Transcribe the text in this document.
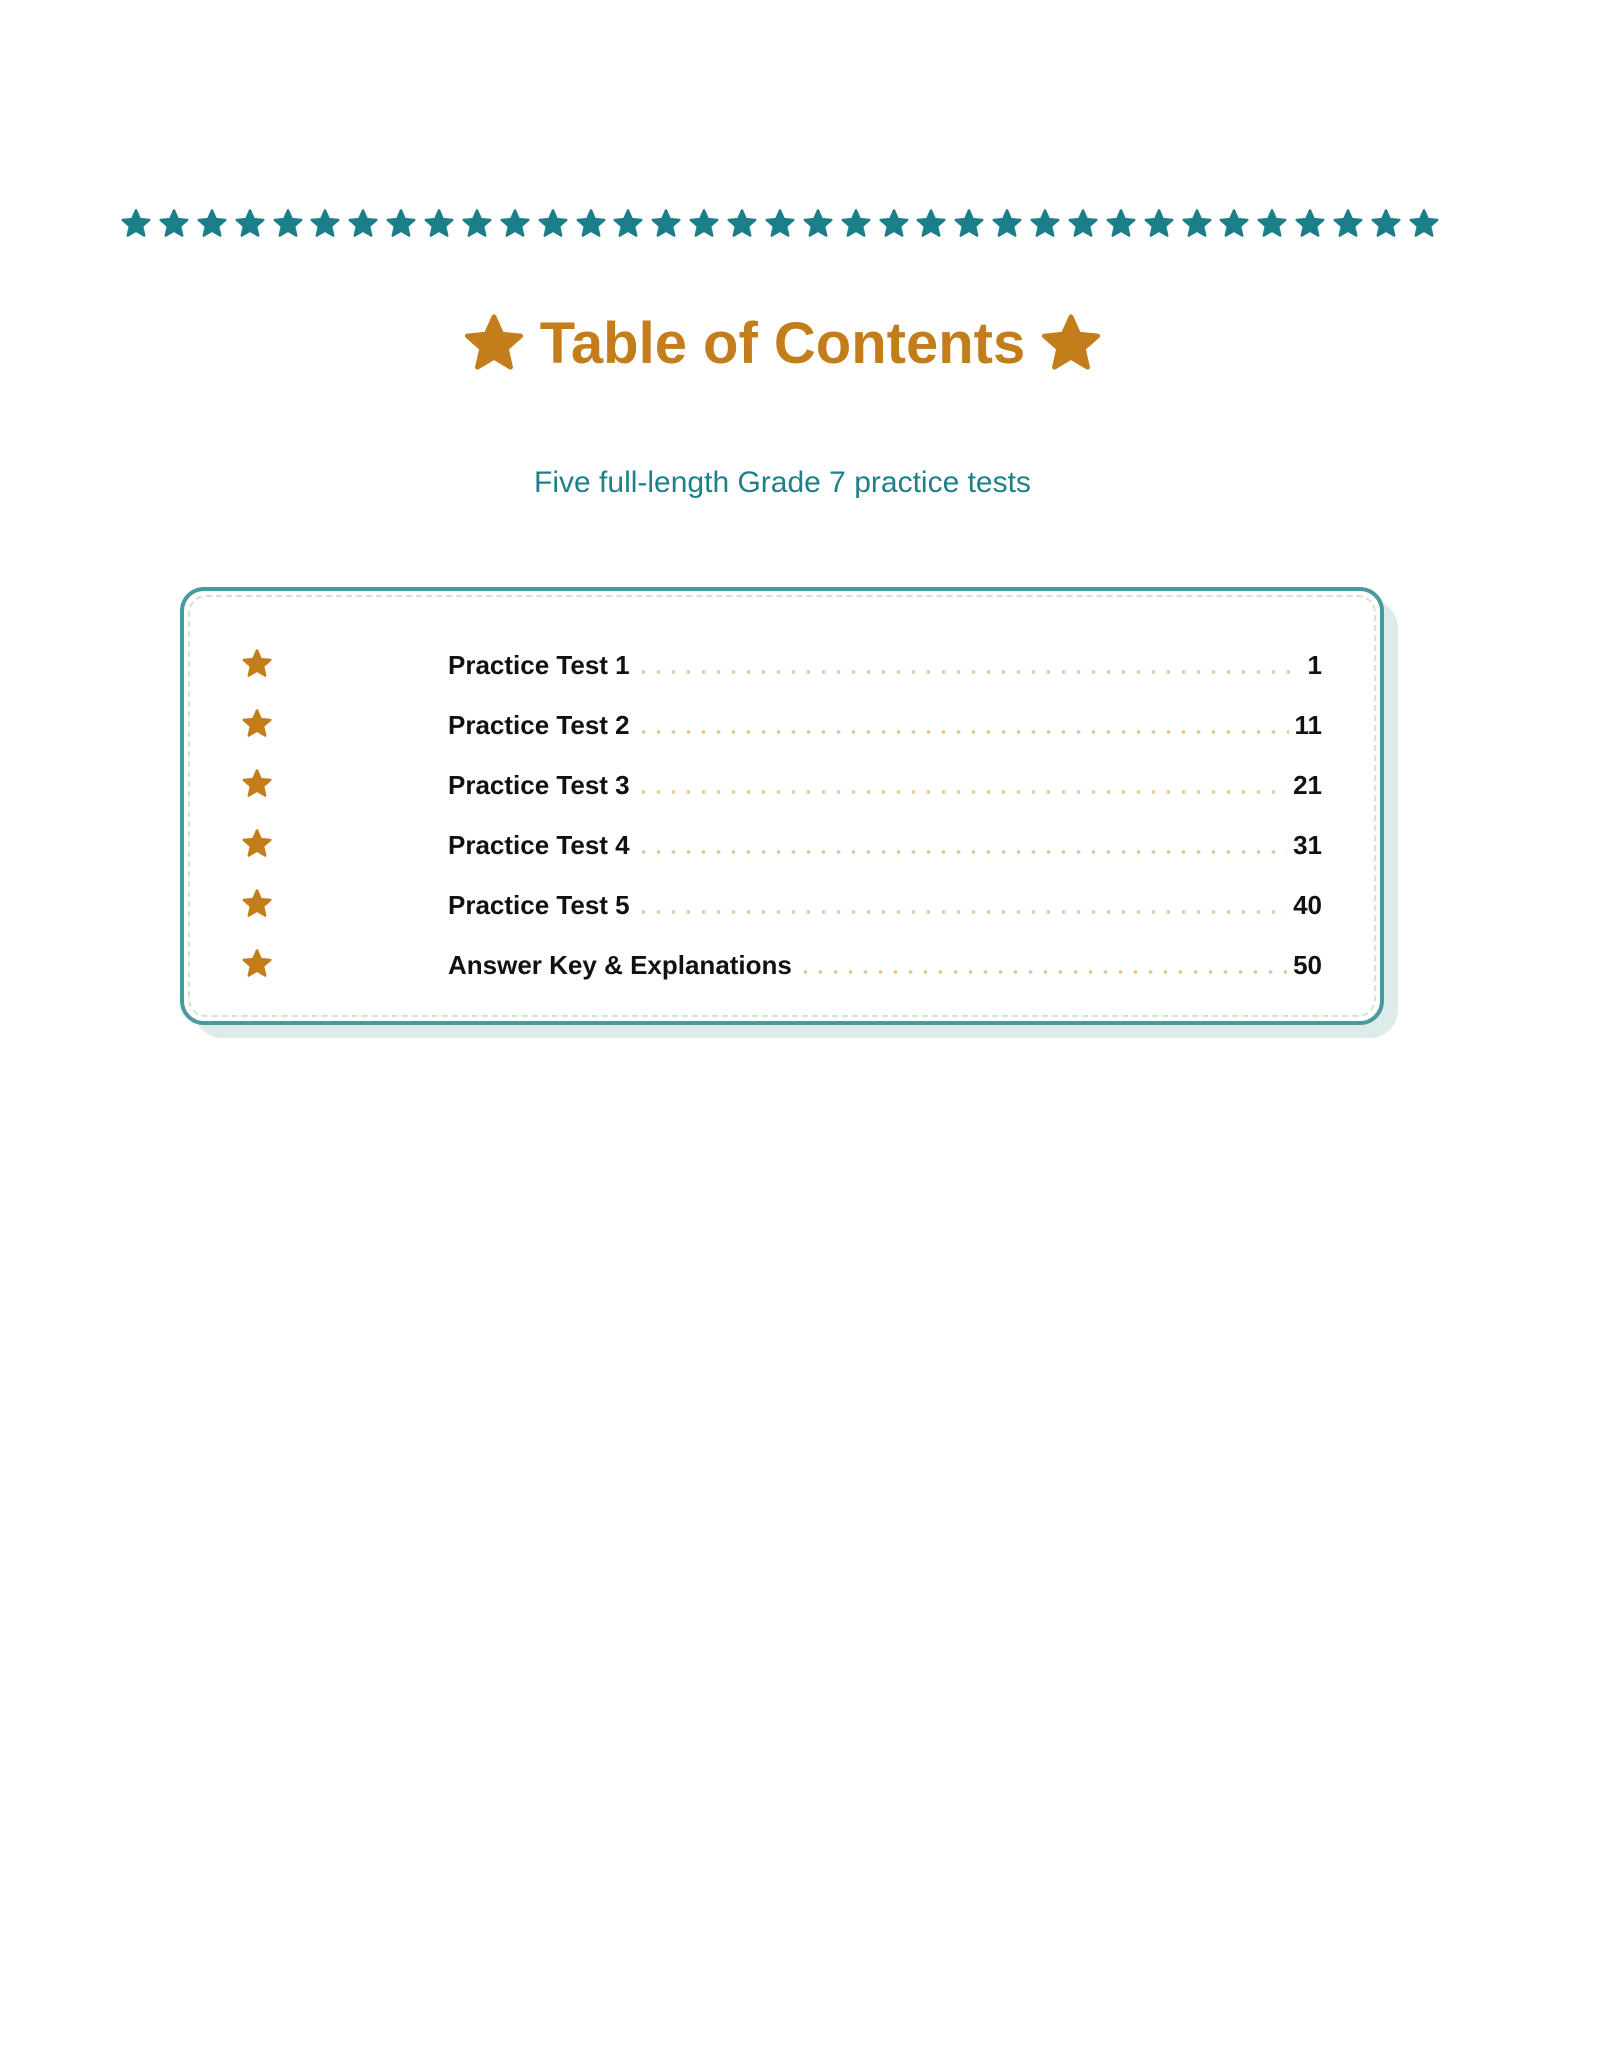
Table of Contents
Five full-length Grade 7 practice tests
Practice Test 1	1
Practice Test 2	11
Practice Test 3	21
Practice Test 4	31
Practice Test 5	40
Answer Key & Explanations	50
